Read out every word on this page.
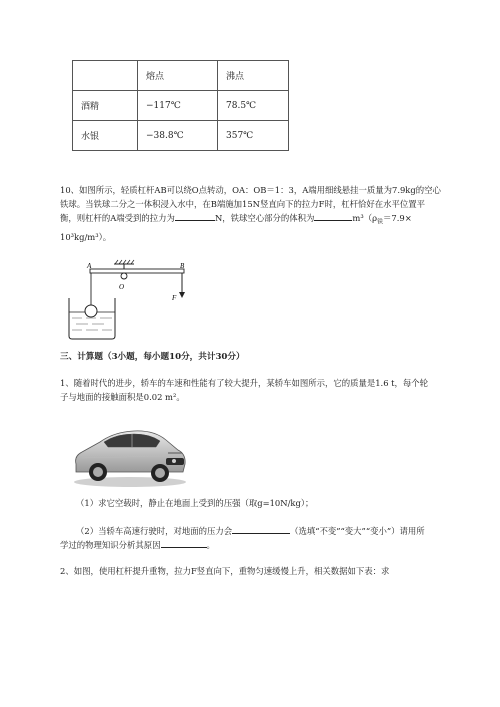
	熔点	沸点
酒精	−117℃	78.5℃
水银	−38.8℃	357℃

10、如图所示，轻质杠杆AB可以绕O点转动，OA：OB＝1：3，A端用细线悬挂一质量为7.9kg的空心
铁球。当铁球二分之一体积浸入水中，在B端施加15N竖直向下的拉力F时，杠杆恰好在水平位置平
衡，则杠杆的A端受到的拉力为	N，铁球空心部分的体积为	$m^3(\rho_铁=7.9\times$
10³kg/m³）。

A	B
O
F
三、计算题（3小题，每小题10分，共计30分）

1、随着时代的进步，轿车的车速和性能有了较大提升，某轿车如图所示，它的质量是1.6 t，每个轮
子与地面的接触面积是0.02 m²。

（1）求它空载时，静止在地面上受到的压强（取g=10N/kg）；

（2）当轿车高速行驶时，对地面的压力会	（选填“不变”“变大”“变小”）请用所

学过的物理知识分析其原因	。

2、如图，使用杠杆提升重物，拉力F竖直向下，重物匀速缓慢上升，相关数据如下表：求
